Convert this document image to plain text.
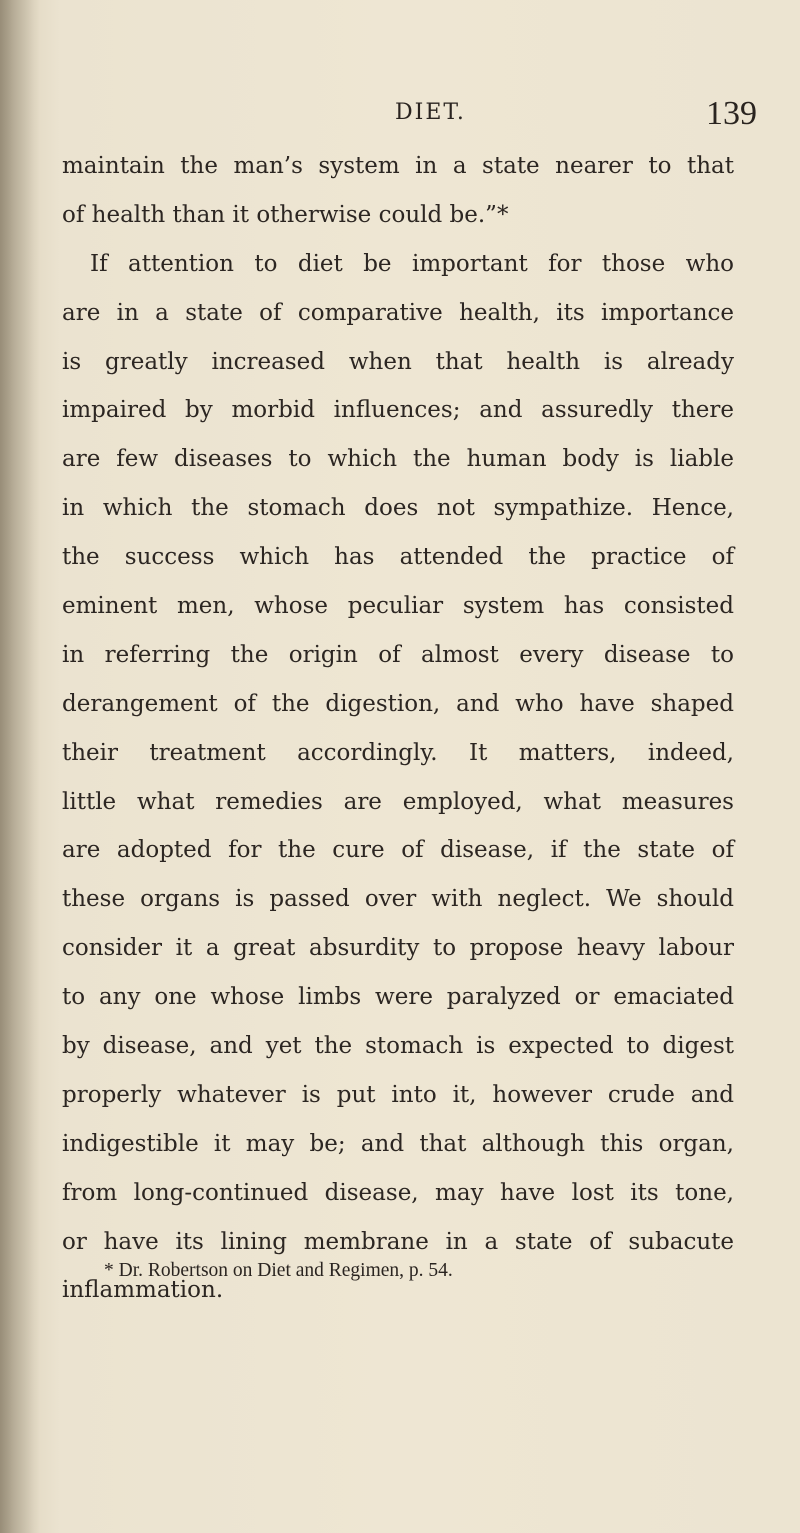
DIET.	139
maintain the man’s system in a state nearer to that
of health than it otherwise could be.”*
If attention to diet be important for those who
are in a state of comparative health, its importance
is greatly increased when that health is already
impaired by morbid influences; and assuredly there
are few diseases to which the human body is liable
in which the stomach does not sympathize. Hence,
the success which has attended the practice of
eminent men, whose peculiar system has consisted
in referring the origin of almost every disease to
derangement of the digestion, and who have shaped
their treatment accordingly. It matters, indeed,
little what remedies are employed, what measures
are adopted for the cure of disease, if the state of
these organs is passed over with neglect. We should
consider it a great absurdity to propose heavy labour
to any one whose limbs were paralyzed or emaciated
by disease, and yet the stomach is expected to digest
properly whatever is put into it, however crude and
indigestible it may be; and that although this organ,
from long-continued disease, may have lost its tone,
or have its lining membrane in a state of subacute
inflammation.
* Dr. Robertson on Diet and Regimen, p. 54.
